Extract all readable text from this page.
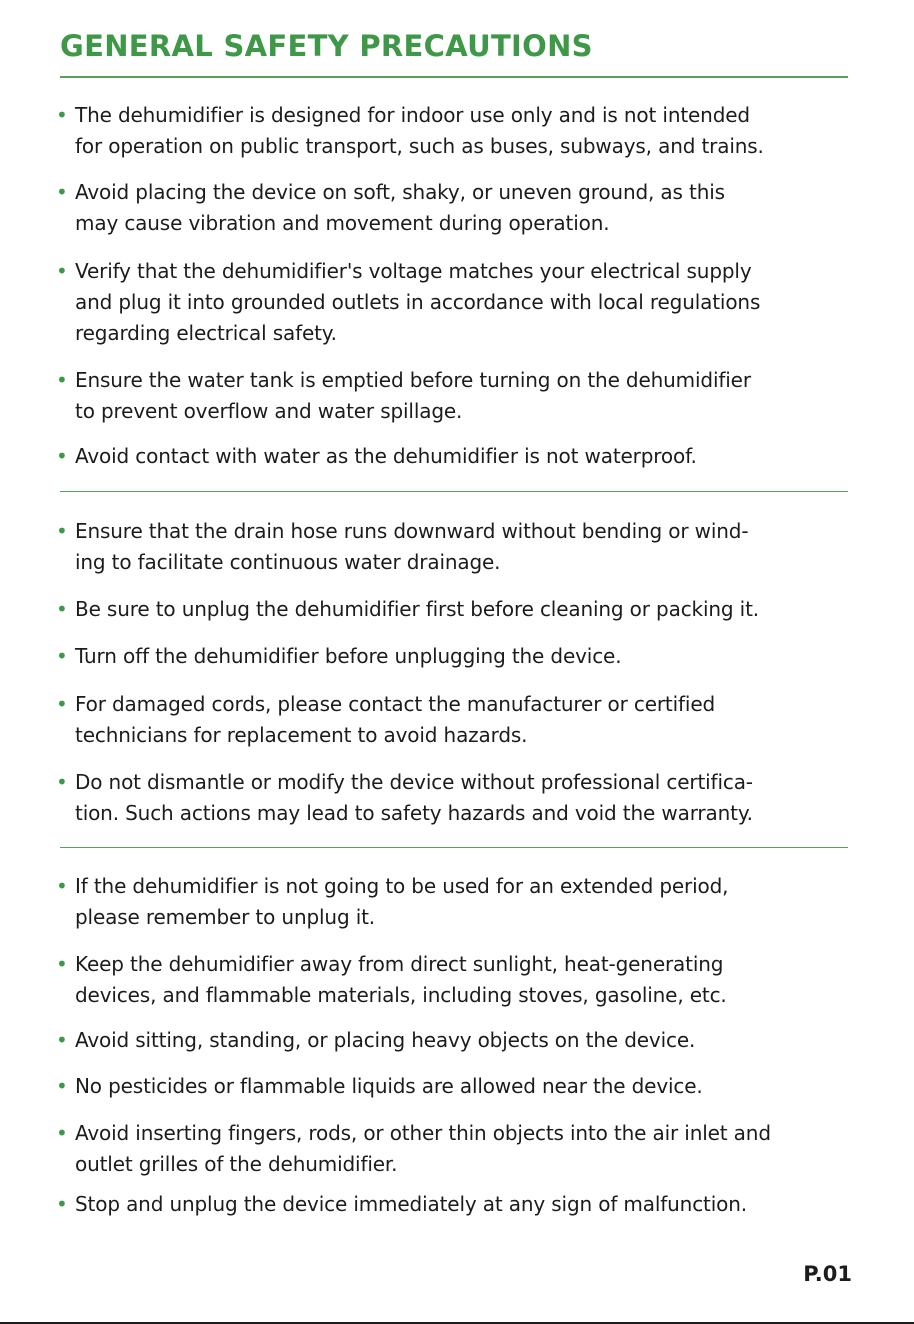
GENERAL SAFETY PRECAUTIONS
• The dehumidifier is designed for indoor use only and is not intended
for operation on public transport, such as buses, subways, and trains.
• Avoid placing the device on soft, shaky, or uneven ground, as this
may cause vibration and movement during operation.
• Verify that the dehumidifier's voltage matches your electrical supply
and plug it into grounded outlets in accordance with local regulations
regarding electrical safety.
• Ensure the water tank is emptied before turning on the dehumidifier
to prevent overflow and water spillage.
• Avoid contact with water as the dehumidifier is not waterproof.
• Ensure that the drain hose runs downward without bending or wind-
ing to facilitate continuous water drainage.
• Be sure to unplug the dehumidifier first before cleaning or packing it.
• Turn off the dehumidifier before unplugging the device.
• For damaged cords, please contact the manufacturer or certified
technicians for replacement to avoid hazards.
• Do not dismantle or modify the device without professional certifica-
tion. Such actions may lead to safety hazards and void the warranty.
• If the dehumidifier is not going to be used for an extended period,
please remember to unplug it.
• Keep the dehumidifier away from direct sunlight, heat-generating
devices, and flammable materials, including stoves, gasoline, etc.
• Avoid sitting, standing, or placing heavy objects on the device.
• No pesticides or flammable liquids are allowed near the device.
• Avoid inserting fingers, rods, or other thin objects into the air inlet and
outlet grilles of the dehumidifier.
• Stop and unplug the device immediately at any sign of malfunction.
P.01
